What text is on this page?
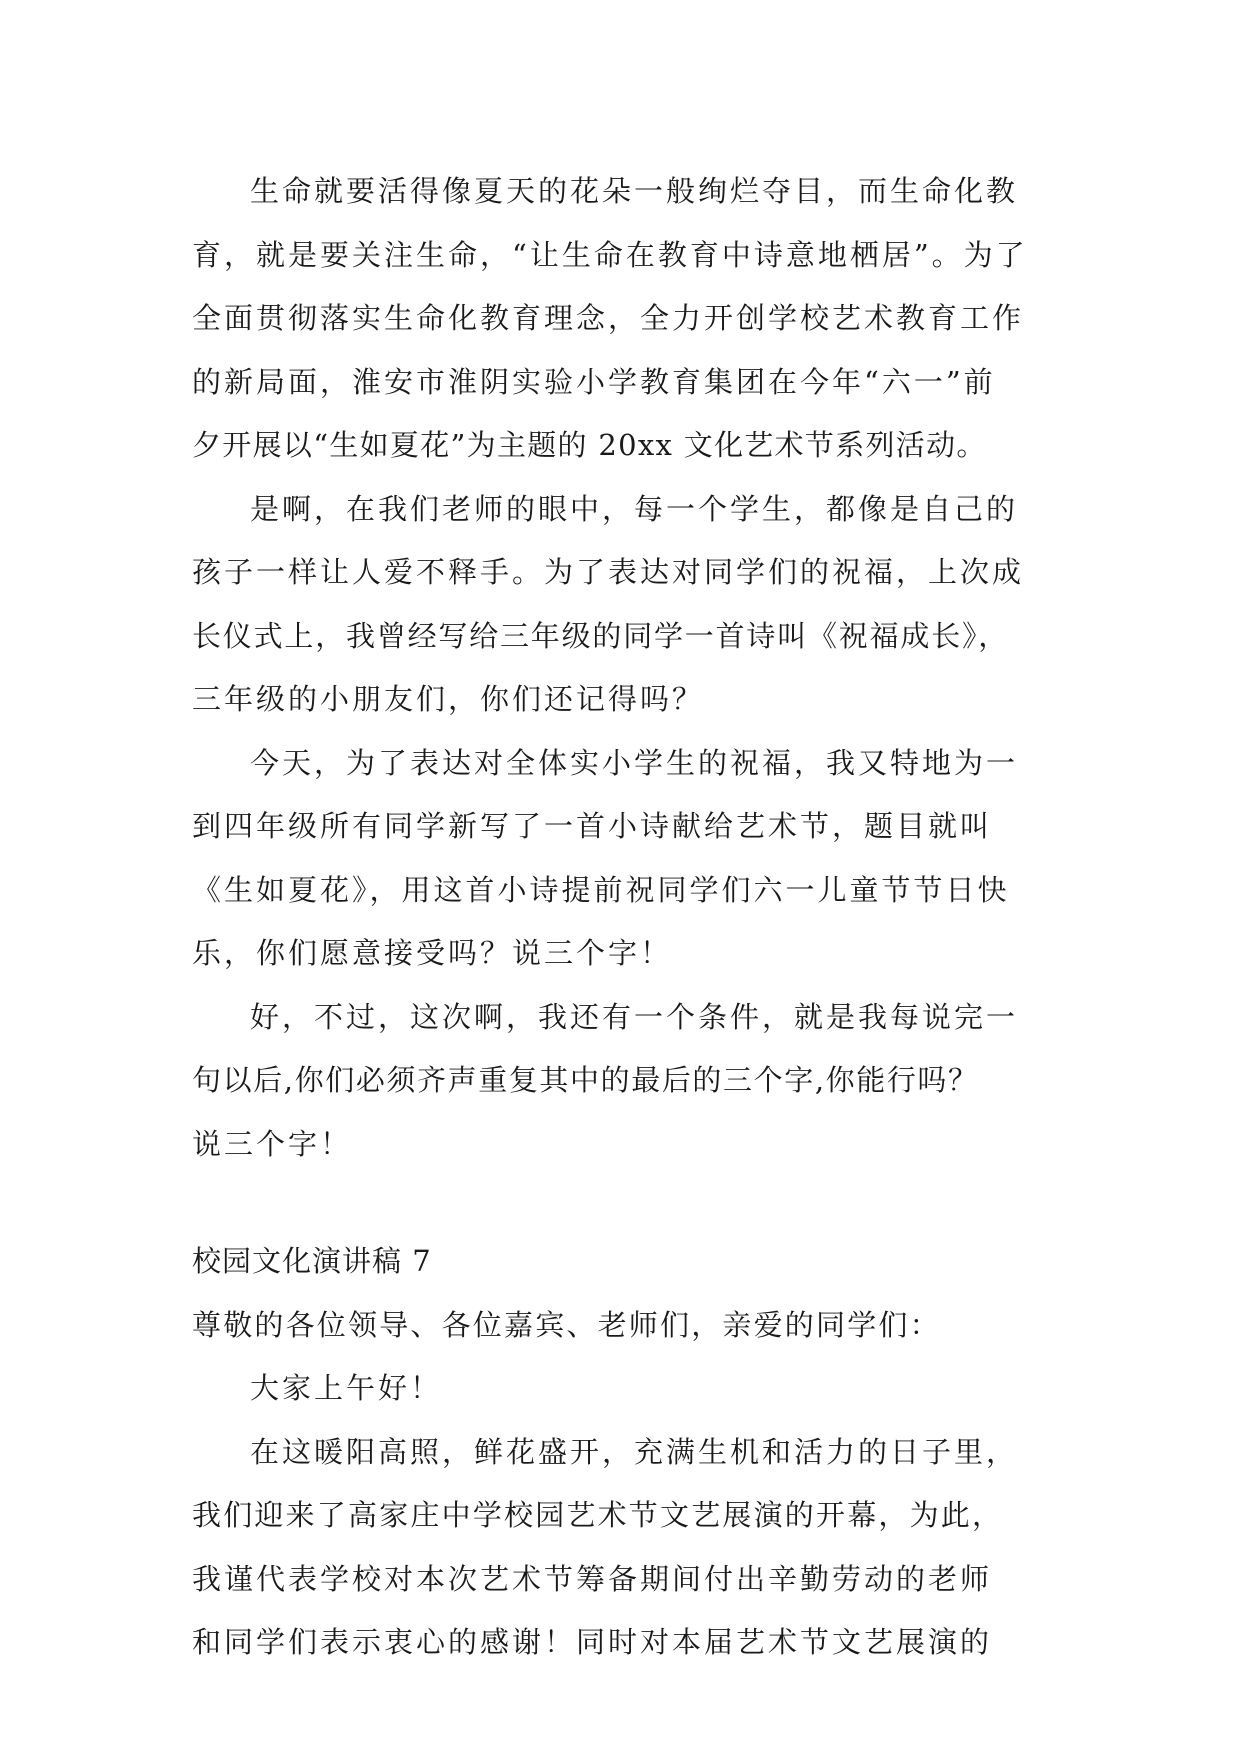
生命就要活得像夏天的花朵一般绚烂夺目，而生命化教
育，就是要关注生命，“让生命在教育中诗意地栖居”。为了
全面贯彻落实生命化教育理念，全力开创学校艺术教育工作
的新局面，淮安市淮阴实验小学教育集团在今年“六一”前
夕开展以“生如夏花”为主题的 20xx 文化艺术节系列活动。

是啊，在我们老师的眼中，每一个学生，都像是自己的
孩子一样让人爱不释手。为了表达对同学们的祝福，上次成
长仪式上，我曾经写给三年级的同学一首诗叫《祝福成长》，
三年级的小朋友们，你们还记得吗？

今天，为了表达对全体实小学生的祝福，我又特地为一
到四年级所有同学新写了一首小诗献给艺术节，题目就叫
《生如夏花》，用这首小诗提前祝同学们六一儿童节节日快
乐，你们愿意接受吗？说三个字！

好，不过，这次啊，我还有一个条件，就是我每说完一
句以后,你们必须齐声重复其中的最后的三个字,你能行吗？
说三个字！

校园文化演讲稿 7

尊敬的各位领导、各位嘉宾、老师们，亲爱的同学们：

大家上午好！

在这暖阳高照，鲜花盛开，充满生机和活力的日子里，
我们迎来了高家庄中学校园艺术节文艺展演的开幕，为此，
我谨代表学校对本次艺术节筹备期间付出辛勤劳动的老师
和同学们表示衷心的感谢！同时对本届艺术节文艺展演的
